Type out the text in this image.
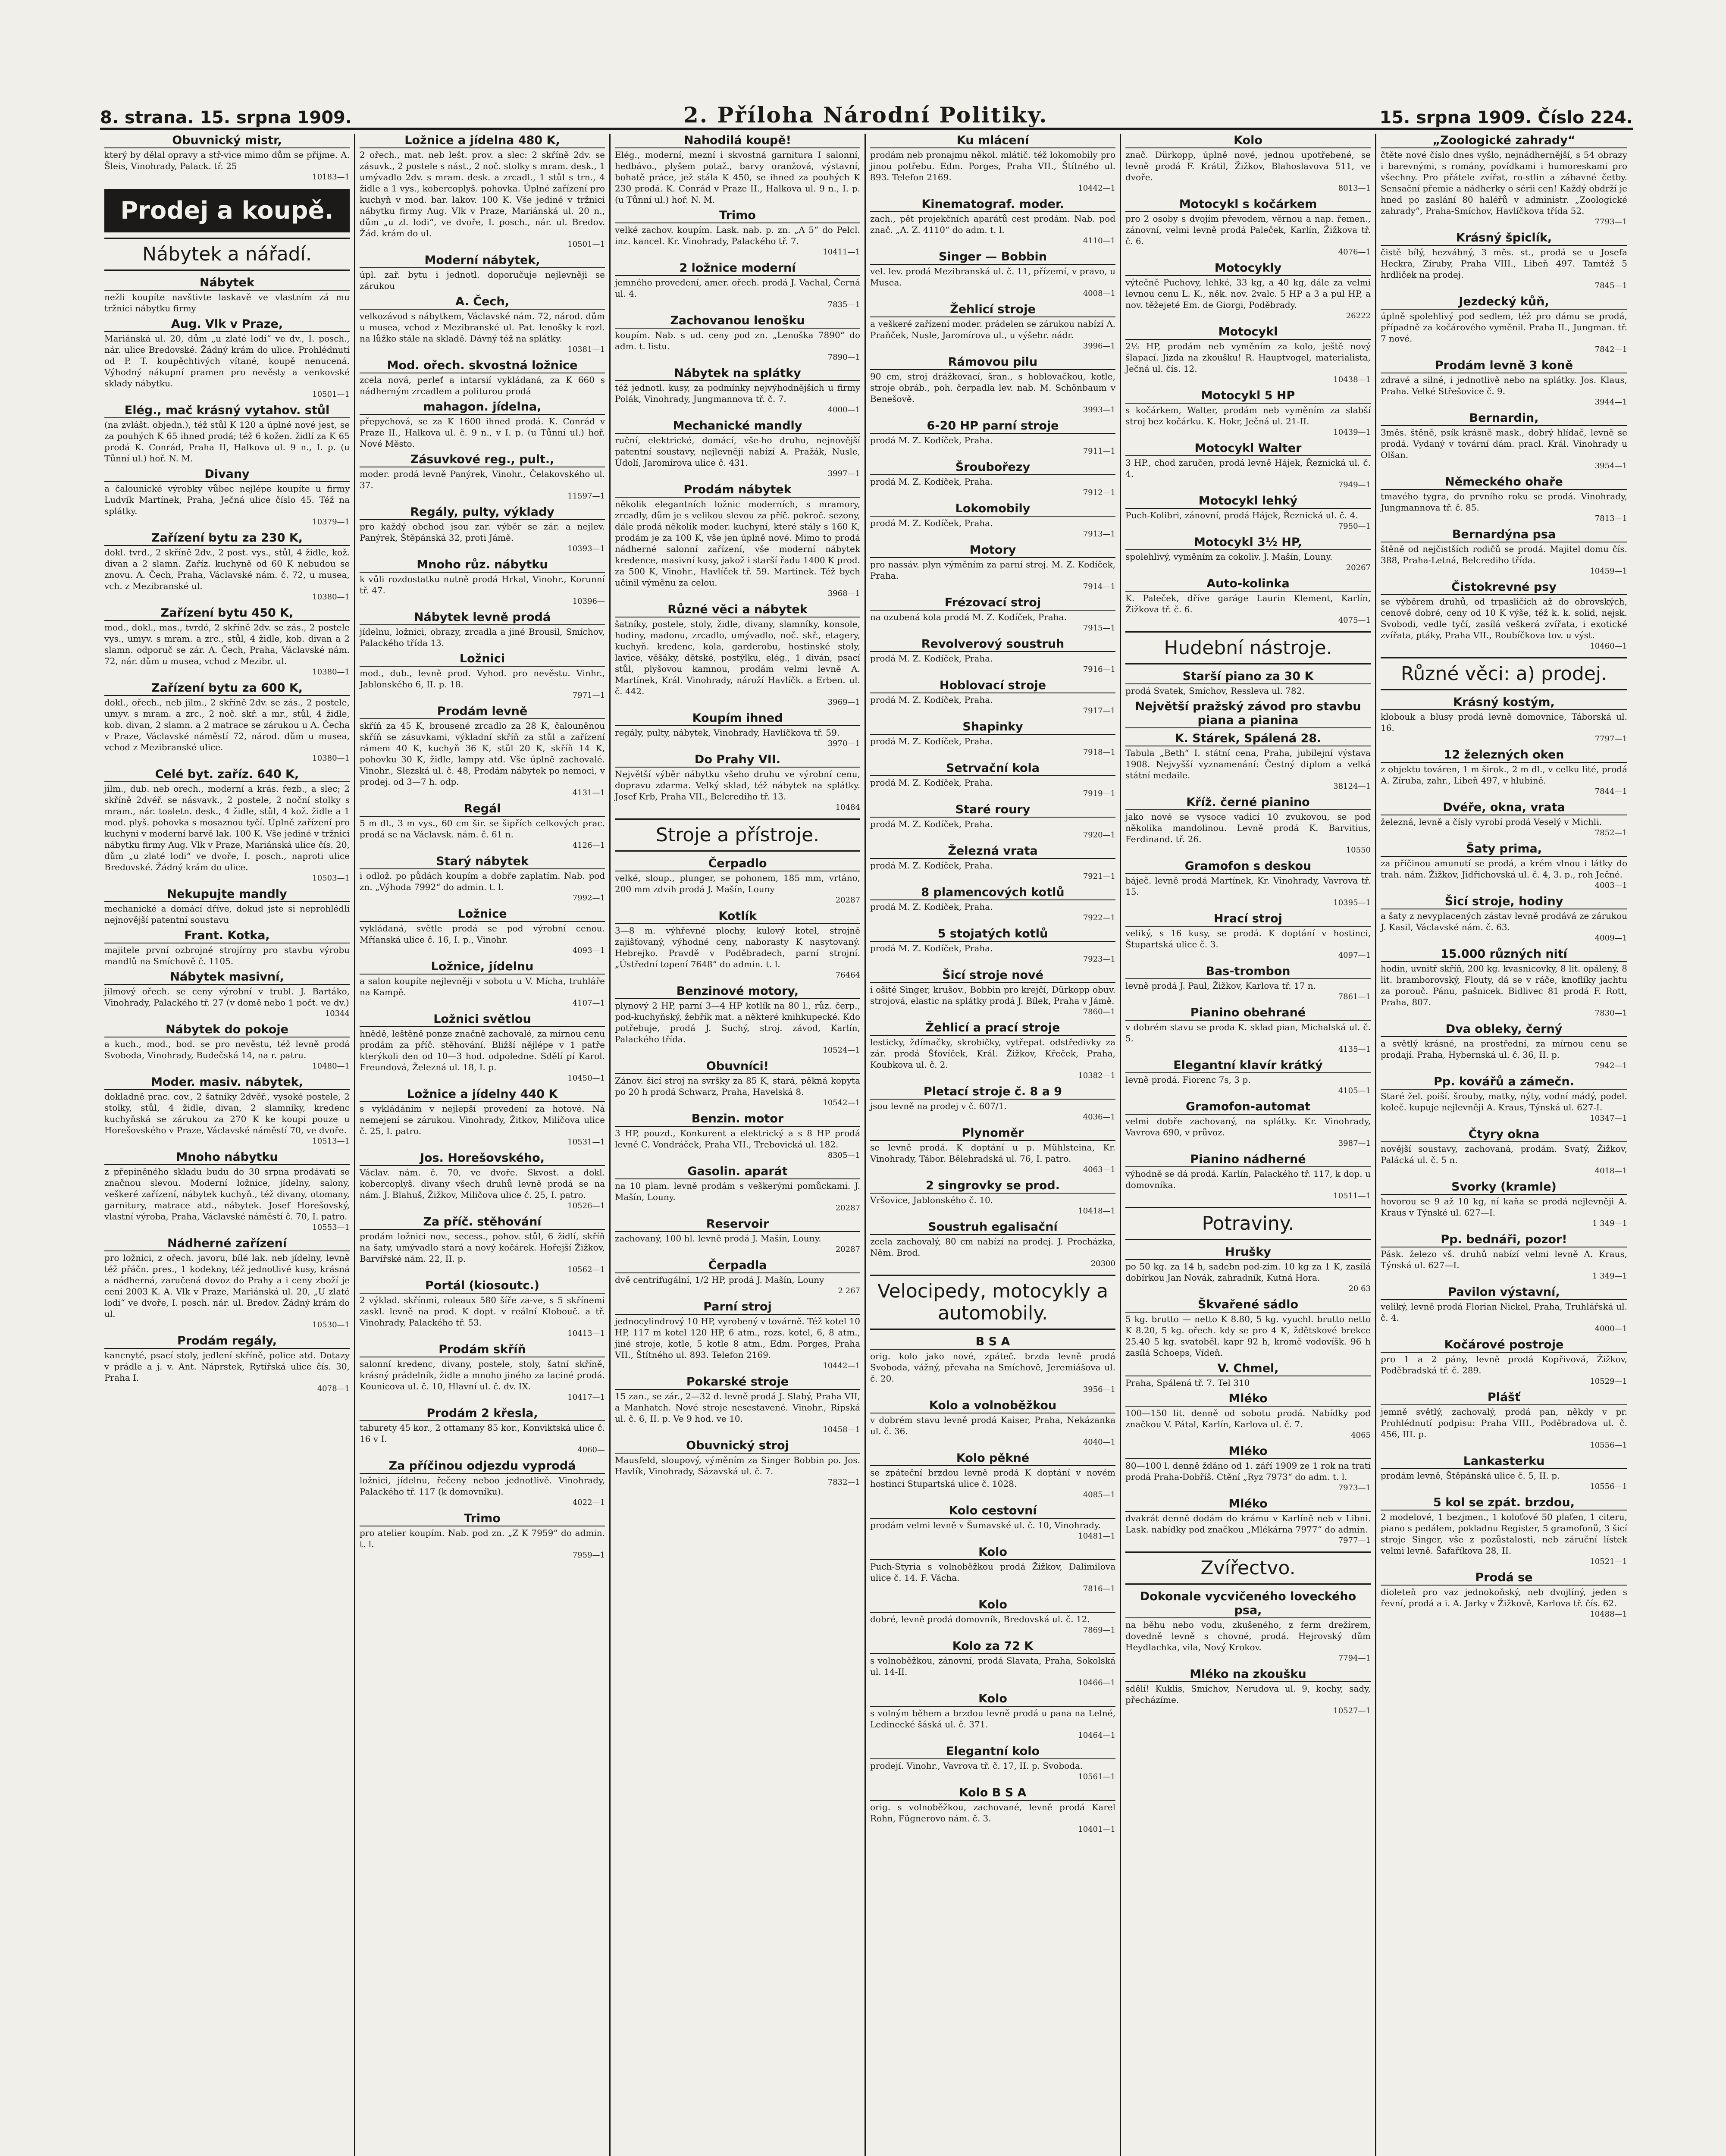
8. strana. 15. srpna 1909.	2. Příloha Národní Politiky.	15. srpna 1909. Číslo 224.
Obuvnický mistr,
který by dělal opravy a stř-vice mimo dům se přijme. A. Šleis, Vinohrady, Palack. tř. 25
10183—1
Prodej a koupě.
Nábytek a nářadí.
Nábytek
nežli koupíte navštivte laskavě ve vlastním zá mu tržnici nábytku firmy
Aug. Vlk v Praze,
Mariánská ul. 20, dům „u zlaté lodi“ ve dv., I. posch., nár. ulice Bredovské. Žádný krám do ulice. Prohlédnutí od P. T. koupěchtivých vítané, koupě nenucená. Výhodný nákupní pramen pro nevěsty a venkovské sklady nábytku.
10501—1
Elég., mač krásný vytahov. stůl
(na zvlášt. objedn.), též stůl K 120 a úplné nové jest, se za pouhých K 65 ihned prodá; též 6 kožen. židlí za K 65 prodá K. Conrád, Praha II, Halkova ul. 9 n., I. p. (u Tůnní ul.) hoř. N. M.
Divany
a čalounické výrobky vůbec nejlépe koupíte u firmy Ludvík Martínek, Praha, Ječná ulice číslo 45. Též na splátky.
10379—1
Zařízení bytu za 230 K,
dokl. tvrd., 2 skříně 2dv., 2 post. vys., stůl, 4 židle, kož. divan a 2 slamn. Zaříz. kuchyně od 60 K nebudou se znovu. A. Čech, Praha, Václavské nám. č. 72, u musea, vch. z Mezibranské ul.
10380—1
Zařízení bytu 450 K,
mod., dokl., mas., tvrdé, 2 skříně 2dv. se zás., 2 postele vys., umyv. s mram. a zrc., stůl, 4 židle, kob. divan a 2 slamn. odporuč se zár. A. Čech, Praha, Václavské nám. 72, nár. dům u musea, vchod z Mezibr. ul.
10380—1
Zařízení bytu za 600 K,
dokl., ořech., neb jilm., 2 skříně 2dv. se zás., 2 postele, umyv. s mram. a zrc., 2 noč. skř. a mr., stůl, 4 židle, kob. divan, 2 slamn. a 2 matrace se zárukou u A. Čecha v Praze, Václavské náměstí 72, národ. dům u musea, vchod z Mezibranské ulice.
10380—1
Celé byt. zaříz. 640 K,
jilm., dub. neb orech., moderní a krás. řezb., a slec; 2 skříně 2dvéř. se násvavk., 2 postele, 2 noční stolky s mram., nár. toaletn. desk., 4 židle, stůl, 4 kož. židle a 1 mod. plyš. pohovka s mosaznou tyčí. Úplně zařízení pro kuchyni v moderní barvě lak. 100 K. Vše jediné v tržnici nábytku firmy Aug. Vlk v Praze, Mariánská ulice čís. 20, dům „u zlaté lodi“ ve dvoře, I. posch., naproti ulice Bredovské. Žádný krám do ulice.
10503—1
Nekupujte mandly
mechanické a domácí dříve, dokud jste si neprohlédli nejnovější patentní soustavu
Frant. Kotka,
majitele první ozbrojné strojírny pro stavbu výrobu mandlů na Smíchově č. 1105.
Nábytek masivní,
jilmový ořech. se ceny výrobní v trubl. J. Bartáko, Vinohrady, Palackého tř. 27 (v domě nebo 1 počt. ve dv.)
10344
Nábytek do pokoje
a kuch., mod., bod. se pro nevěstu, též levně prodá Svoboda, Vinohrady, Budečská 14, na r. patru.
10480—1
Moder. masiv. nábytek,
dokladně prac. cov., 2 šatníky 2dvěř., vysoké postele, 2 stolky, stůl, 4 židle, divan, 2 slamníky, kredenc kuchyňská se zárukou za 270 K ke koupi pouze u Horešovského v Praze, Václavské náměstí 70, ve dvoře.
10513—1
Mnoho nábytku
z přepiněného skladu budu do 30 srpna prodávati se značnou slevou. Moderní ložnice, jídelny, salony, veškeré zařízení, nábytek kuchyň., též divany, otomany, garnitury, matrace atd., nábytek. Josef Horešovský, vlastní výroba, Praha, Václavské náměstí č. 70, I. patro.
10553—1
Nádherné zařízení
pro ložnici, z ořech. javoru, bílé lak. neb jídelny, levně též přáčn. pres., 1 kodekny, též jednotlivé kusy, krásná a nádherná, zaručená dovoz do Prahy a i ceny zboží je ceni 2003 K. A. Vlk v Praze, Mariánská ul. 20, „U zlaté lodi“ ve dvoře, I. posch. nár. ul. Bredov. Žádný krám do ul.
10530—1
Prodám regály,
kancnyté, psací stoly, jedlení skříně, police atd. Dotazy v prádle a j. v. Ant. Náprstek, Rytířská ulice čís. 30, Praha I.
4078—1
Ložnice a jídelna 480 K,
2 ořech., mat. neb lešt. prov. a slec: 2 skříně 2dv. se zásuvk., 2 postele s nást., 2 noč. stolky s mram. desk., 1 umývadlo 2dv. s mram. desk. a zrcadl., 1 stůl s trn., 4 židle a 1 vys., kobercoplyš. pohovka. Úplné zařízení pro kuchyň v mod. bar. lakov. 100 K. Vše jediné v tržnici nábytku firmy Aug. Vlk v Praze, Mariánská ul. 20 n., dům „u zl. lodi“, ve dvoře, I. posch., nár. ul. Bredov. Žád. krám do ul.
10501—1
Moderní nábytek,
úpl. zař. bytu i jednotl. doporučuje nejlevněji se zárukou
A. Čech,
velkozávod s nábytkem, Václavské nám. 72, národ. dům u musea, vchod z Mezibranské ul. Pat. lenošky k rozl. na lůžko stále na skladě. Dávný též na splátky.
10381—1
Mod. ořech. skvostná ložnice
zcela nová, perleť a intarsií vykládaná, za K 660 s nádherným zrcadlem a politurou prodá
mahagon. jídelna,
přepychová, se za K 1600 ihned prodá. K. Conrád v Praze II., Halkova ul. č. 9 n., v I. p. (u Tůnní ul.) hoř. Nové Město.
Zásuvkové reg., pult.,
moder. prodá levně Panýrek, Vinohr., Čelakovského ul. 37.
11597—1
Regály, pulty, výklady
pro každý obchod jsou zar. výběr se zár. a nejlev. Panýrek, Štěpánská 32, proti Jámě.
10393—1
Mnoho růz. nábytku
k vůli rozdostatku nutně prodá Hrkal, Vinohr., Korunní tř. 47.
10396—
Nábytek levně prodá
jídelnu, ložnici, obrazy, zrcadla a jiné Brousil, Smíchov, Palackého třída 13.
Ložnici
mod., dub., levně prod. Vyhod. pro nevěstu. Vinhr., Jablonského 6, II. p. 18.
7971—1
Prodám levně
skříň za 45 K, brousené zrcadlo za 28 K, čalouněnou skříň se zásuvkami, výkladní skříň za stůl a zařízení rámem 40 K, kuchyň 36 K, stůl 20 K, skříň 14 K, pohovku 30 K, židle, lampy atd. Vše úplně zachovalé. Vinohr., Slezská ul. č. 48, Prodám nábytek po nemoci, v prodej. od 3—7 h. odp.
4131—1
Regál
5 m dl., 3 m vys., 60 cm šir. se šipřích celkových prac. prodá se na Václavsk. nám. č. 61 n.
4126—1
Starý nábytek
i odlož. po půdách koupím a dobře zaplatím. Nab. pod zn. „Výhoda 7992“ do admin. t. l.
7992—1
Ložnice
vykládaná, světle prodá se pod výrobní cenou. Mříanská ulice č. 16, I. p., Vinohr.
4093—1
Ložnice, jídelnu
a salon koupíte nejlevněji v sobotu u V. Mícha, truhláře na Kampě.
4107—1
Ložnici světlou
hnědě, leštěně ponze značně zachovalé, za mírnou cenu prodám za příč. stěhování. Bližší nějlépe v 1 patře kterýkoli den od 10—3 hod. odpoledne. Sdělí pí Karol. Freundová, Železná ul. 18, I. p.
10450—1
Ložnice a jídelny 440 K
s vykládáním v nejlepší provedení za hotové. Ná nemejení se zárukou. Vinohrady, Žitkov, Miličova ulice č. 25, I. patro.
10531—1
Jos. Horešovského,
Václav. nám. č. 70, ve dvoře. Skvost. a dokl. kobercoplyš. divany všech druhů levně prodá se na nám. J. Blahuš, Žižkov, Miličova ulice č. 25, I. patro.
10526—1
Za příč. stěhování
prodám ložnici nov., secess., pohov. stůl, 6 židlí, skříň na šaty, umývadlo stará a nový kočárek. Hořejší Žižkov, Barvířské nám. 22, II. p.
10562—1
Portál (kiosoutc.)
2 výklad. skřínmi, roleaux 580 šíře za-ve, s 5 skřínemi zaskl. levně na prod. K dopt. v reální Klobouč. a tř. Vinohrady, Palackého tř. 53.
10413—1
Prodám skříň
salonní kredenc, divany, postele, stoly, šatní skříně, krásný prádelník, židle a mnoho jiného za laciné prodá. Kounicova ul. č. 10, Hlavní ul. č. dv. IX.
10417—1
Prodám 2 křesla,
taburety 45 kor., 2 ottamany 85 kor., Konviktská ulice č. 16 v I.
4060—
Za příčinou odjezdu vyprodá
ložnici, jídelnu, řečeny neboo jednotlivě. Vinohrady, Palackého tř. 117 (k domovníku).
4022—1
Trimo
pro atelier koupím. Nab. pod zn. „Z K 7959“ do admin. t. l.
7959—1
Nahodilá koupě!
Elég., moderní, mezní i skvostná garnitura I salonní, hedbávo., plyšem potaž., barvy oranžová, výstavní, bohatě práce, jež stála K 450, se ihned za pouhých K 230 prodá. K. Conrád v Praze II., Halkova ul. 9 n., I. p. (u Tůnní ul.) hoř. N. M.
Trimo
velké zachov. koupím. Lask. nab. p. zn. „A 5“ do Pelcl. inz. kancel. Kr. Vinohrady, Palackého tř. 7.
10411—1
2 ložnice moderní
jemného provedení, amer. ořech. prodá J. Vachal, Černá ul. 4.
7835—1
Zachovanou lenošku
koupím. Nab. s ud. ceny pod zn. „Lenoška 7890“ do adm. t. listu.
7890—1
Nábytek na splátky
též jednotl. kusy, za podmínky nejvýhodnějších u firmy Polák, Vinohrady, Jungmannova tř. č. 7.
4000—1
Mechanické mandly
ruční, elektrické, domácí, vše-ho druhu, nejnovější patentní soustavy, nejlevněji nabízí A. Pražák, Nusle, Údolí, Jaromírova ulice č. 431.
3997—1
Prodám nábytek
několik elegantních ložnic moderních, s mramory, zrcadly, dům je s velikou slevou za příč. pokroč. sezony, dále prodá několik moder. kuchyní, které stály s 160 K, prodám je za 100 K, vše jen úplně nové. Mimo to prodá nádherné salonní zařízení, vše moderní nábytek kredence, masivní kusy, jakož i starší řadu 1400 K prod. za 500 K, Vinohr., Havlíček tř. 59. Martinek. Též bych učinil výměnu za celou.
3968—1
Různé věci a nábytek
šatníky, postele, stoly, židle, divany, slamníky, konsole, hodiny, madonu, zrcadlo, umývadlo, noč. skř., etagery, kuchyň. kredenc, kola, garderobu, hostinské stoly, lavice, věšáky, dětské, postýlku, elég., 1 diván, psací stůl, plyšovou kamnou, prodám velmi levně A. Martínek, Král. Vinohrady, nároží Havlíčk. a Erben. ul. č. 442.
3969—1
Koupím ihned
regály, pulty, nábytek, Vinohrady, Havlíčkova tř. 59.
3970—1
Do Prahy VII.
Největší výběr nábytku všeho druhu ve výrobní cenu, dopravu zdarma. Velký sklad, též nábytek na splátky. Josef Krb, Praha VII., Belcrediho tř. 13.
10484
Stroje a přístroje.
Čerpadlo
velké, sloup., plunger, se pohonem, 185 mm, vrtáno, 200 mm zdvih prodá J. Mašín, Louny
20287
Kotlík
3—8 m. výhřevné plochy, kulový kotel, strojně zajišťovaný, výhodné ceny, naborasty K nasytovaný. Hebrejko. Pravdě v Poděbradech, parní strojní. „Ústřední topení 7648“ do admin. t. l.
76464
Benzinové motory,
plynový 2 HP, parní 3—4 HP kotlík na 80 l., růz. čerp., pod-kuchyňský, žebřík mat. a některé knihkupecké. Kdo potřebuje, prodá J. Suchý, stroj. závod, Karlín, Palackého třída.
10524—1
Obuvníci!
Zánov. šicí stroj na svršky za 85 K, stará, pěkná kopyta po 20 h prodá Schwarz, Praha, Havelská 8.
10542—1
Benzin. motor
3 HP, pouzd., Konkurent a elektrický a s 8 HP prodá levně C. Vondráček, Praha VII., Trebovická ul. 182.
8305—1
Gasolin. aparát
na 10 plam. levně prodám s veškerými pomůckami. J. Mašín, Louny.
20287
Reservoir
zachovaný, 100 hl. levně prodá J. Mašín, Louny.
20287
Čerpadla
dvě centrifugální, 1/2 HP, prodá J. Mašín, Louny
2 267
Parní stroj
jednocylindrový 10 HP, vyrobený v továrně. Též kotel 10 HP, 117 m kotel 120 HP, 6 atm., rozs. kotel, 6, 8 atm., jiné stroje, kotle, 5 kotle 8 atm., Edm. Porges, Praha VII., Štítného ul. 893. Telefon 2169.
10442—1
Pokarské stroje
15 zan., se zár., 2—32 d. levně prodá J. Slabý, Praha VII, a Manhatch. Nové stroje nesestavené. Vinohr., Ripská ul. č. 6, II. p. Ve 9 hod. ve 10.
10458—1
Obuvnický stroj
Mausfeld, sloupový, výměním za Singer Bobbin po. Jos. Havlík, Vinohrady, Sázavská ul. č. 7.
7832—1
Ku mlácení
prodám neb pronajmu někol. mlátič. též lokomobily pro jinou potřebu. Edm. Porges, Praha VII., Štítného ul. 893. Telefon 2169.
10442—1
Kinematograf. moder.
zach., pět projekčních aparátů cest prodám. Nab. pod znač. „A. Z. 4110“ do adm. t. l.
4110—1
Singer — Bobbin
vel. lev. prodá Mezibranská ul. č. 11, přízemí, v pravo, u Musea.
4008—1
Žehlicí stroje
a veškeré zařízení moder. prádelen se zárukou nabízí A. Praňček, Nusle, Jaromírova ul., u výšehr. nádr.
3996—1
Rámovou pilu
90 cm, stroj drážkovací, šran., s hoblovačkou, kotle, stroje obráb., poh. čerpadla lev. nab. M. Schönbaum v Benešově.
3993—1
6-20 HP parní stroje
prodá M. Z. Kodíček, Praha.
7911—1
Šroubořezy
prodá M. Z. Kodíček, Praha.
7912—1
Lokomobily
prodá M. Z. Kodíček, Praha.
7913—1
Motory
pro nassáv. plyn výměním za parní stroj. M. Z. Kodíček, Praha.
7914—1
Frézovací stroj
na ozubená kola prodá M. Z. Kodíček, Praha.
7915—1
Revolverový soustruh
prodá M. Z. Kodíček, Praha.
7916—1
Hoblovací stroje
prodá M. Z. Kodíček, Praha.
7917—1
Shapinky
prodá M. Z. Kodíček, Praha.
7918—1
Setrvační kola
prodá M. Z. Kodíček, Praha.
7919—1
Staré roury
prodá M. Z. Kodíček, Praha.
7920—1
Železná vrata
prodá M. Z. Kodíček, Praha.
7921—1
8 plamencových kotlů
prodá M. Z. Kodíček, Praha.
7922—1
5 stojatých kotlů
prodá M. Z. Kodíček, Praha.
7923—1
Šicí stroje nové
i ošité Singer, krušov., Bobbin pro krejčí, Dürkopp obuv. strojová, elastic na splátky prodá J. Bílek, Praha v Jámě.
7860—1
Žehlicí a prací stroje
lesticky, ždímačky, skrobičky, vytřepat. odstředivky za zár. prodá Šťovíček, Král. Žižkov, Křeček, Praha, Koubkova ul. č. 2.
10382—1
Pletací stroje č. 8 a 9
jsou levně na prodej v č. 607/1.
4036—1
Plynoměr
se levně prodá. K doptání u p. Mühlsteina, Kr. Vinohrady, Tábor. Bělehradská ul. 76, I. patro.
4063—1
2 singrovky se prod.
Vršovice, Jablonského č. 10.
10418—1
Soustruh egalisační
zcela zachovalý, 80 cm nabízí na prodej. J. Procházka, Něm. Brod.
20300
Velocipedy, motocykly a automobily.
B S A
orig. kolo jako nové, zpáteč. brzda levně prodá Svoboda, vážný, převaha na Smíchově, Jeremiášova ul. č. 20.
3956—1
Kolo a volnoběžkou
v dobrém stavu levně prodá Kaiser, Praha, Nekázanka ul. č. 36.
4040—1
Kolo pěkné
se zpáteční brzdou levně prodá K doptání v novém hostinci Stupartská ulice č. 1028.
4085—1
Kolo cestovní
prodám velmi levně v Šumavské ul. č. 10, Vinohrady.
10481—1
Kolo
Puch-Styria s volnoběžkou prodá Žižkov, Dalimilova ulice č. 14. F. Vácha.
7816—1
Kolo
dobré, levně prodá domovník, Bredovská ul. č. 12.
7869—1
Kolo za 72 K
s volnoběžkou, zánovní, prodá Slavata, Praha, Sokolská ul. 14-II.
10466—1
Kolo
s volným během a brzdou levně prodá u pana na Lelné, Ledinecké šáská ul. č. 371.
10464—1
Elegantní kolo
prodejí. Vinohr., Vavrova tř. č. 17, II. p. Svoboda.
10561—1
Kolo B S A
orig. s volnoběžkou, zachované, levně prodá Karel Rohn, Fügnerovo nám. č. 3.
10401—1
Kolo
znač. Dürkopp, úplně nové, jednou upotřebené, se levně prodá F. Krátil, Žižkov, Blahoslavova 511, ve dvoře.
8013—1
Motocykl s kočárkem
pro 2 osoby s dvojím převodem, věrnou a nap. řemen., zánovní, velmi levně prodá Paleček, Karlín, Žižkova tř. č. 6.
4076—1
Motocykly
výtečně Puchovy, lehké, 33 kg, a 40 kg, dále za velmi levnou cenu L. K., něk. nov. 2valc. 5 HP a 3 a pul HP, a nov. těžejeté Em. de Giorgi, Poděbrady.
26222
Motocykl
2½ HP, prodám neb vyměním za kolo, ještě nový šlapací. Jizda na zkoušku! R. Hauptvogel, materialista, Ječná ul. čís. 12.
10438—1
Motocykl 5 HP
s kočárkem, Walter, prodám neb vyměním za slabší stroj bez kočárku. K. Hokr, Ječná ul. 21-II.
10439—1
Motocykl Walter
3 HP., chod zaručen, prodá levně Hájek, Řeznická ul. č. 4.
7949—1
Motocykl lehký
Puch-Kolibri, zánovní, prodá Hájek, Řeznická ul. č. 4.
7950—1
Motocykl 3½ HP,
spolehlivý, vyměním za cokoliv. J. Mašín, Louny.
20267
Auto-kolinka
K. Paleček, dříve garáge Laurin Klement, Karlín, Žižkova tř. č. 6.
4075—1
Hudební nástroje.
Starší piano za 30 K
prodá Svatek, Smíchov, Ressleva ul. 782.
Největší pražský závod pro stavbu piana a pianina
K. Stárek, Spálená 28.
Tabula „Beth“ I. státní cena, Praha, jubilejní výstava 1908. Nejvyšší vyznamenání: Čestný diplom a velká státní medaile.
38124—1
Kříž. černé pianino
jako nové se vysoce vadicí 10 zvukovou, se pod několika mandolinou. Levně prodá K. Barvitius, Ferdinand. tř. 26.
10550
Gramofon s deskou
báječ. levně prodá Martínek, Kr. Vinohrady, Vavrova tř. 15.
10395—1
Hrací stroj
veliký, s 16 kusy, se prodá. K doptání v hostinci, Štupartská ulice č. 3.
4097—1
Bas-trombon
levně prodá J. Paul, Žižkov, Karlova tř. 17 n.
7861—1
Pianino obehrané
v dobrém stavu se proda K. sklad pian, Michalská ul. č. 5.
4135—1
Elegantní klavír krátký
levně prodá. Fiorenc 7s, 3 p.
4105—1
Gramofon-automat
velmi dobře zachovaný, na splátky. Kr. Vinohrady, Vavrova 690, v průvoz.
3987—1
Pianino nádherné
výhodně se dá prodá. Karlín, Palackého tř. 117, k dop. u domovníka.
10511—1
Potraviny.
Hrušky
po 50 kg. za 14 h, sadebn pod-zim. 10 kg za 1 K, zasílá dobírkou Jan Novák, zahradník, Kutná Hora.
20 63
Škvařené sádlo
5 kg. brutto — netto K 8.80, 5 kg. vyuchl. brutto netto K 8.20, 5 kg. ořech. kdy se pro 4 K, ždětskové brekce 25.40 5 kg. svatoběl. kapr 92 h, kromě vodovíšk. 96 h zasílá Schoeps, Vídeň.
V. Chmel,
Praha, Spálená tř. 7. Tel 310
Mléko
100—150 lit. denně od sobotu prodá. Nabídky pod značkou V. Pátal, Karlín, Karlova ul. č. 7.
4065
Mléko
80—100 l. denně ždáno od 1. září 1909 ze 1 rok na tratí prodá Praha-Dobříš. Ctění „Ryz 7973“ do adm. t. l.
7973—1
Mléko
dvakrát denně dodám do krámu v Karlíně neb v Libni. Lask. nabídky pod značkou „Mlékárna 7977“ do admin.
7977—1
Zvířectvo.
Dokonale vycvičeného loveckého psa,
na běhu nebo vodu, zkušeného, z ferm drežírem, dovedně levně s chovné, prodá. Hejrovský dům Heydlachka, vila, Nový Krokov.
7794—1
Mléko na zkoušku
sdělí! Kuklis, Smíchov, Nerudova ul. 9, kochy, sady, přecházíme.
10527—1
„Zoologické zahrady“
čtěte nové číslo dnes vyšlo, nejnádhernější, s 54 obrazy i barevnými, s romány, povídkami i humoreskami pro všechny. Pro přátele zvířat, ro-stlin a zábavné četby. Sensační přemie a nádherky o sérii cen! Každý obdrží je hned po zaslání 80 haléřů v administr. „Zoologické zahrady“, Praha-Smíchov, Havlíčkova třída 52.
7793—1
Krásný špiclík,
čistě bílý, hezvábný, 3 měs. st., prodá se u Josefa Heckra, Zíruby, Praha VIII., Libeň 497. Tamtéž 5 hrdliček na prodej.
7845—1
Jezdecký kůň,
úplně spolehlivý pod sedlem, též pro dámu se prodá, případně za kočárového vyměnil. Praha II., Jungman. tř. 7 nové.
7842—1
Prodám levně 3 koně
zdravé a silné, i jednotlivě nebo na splátky. Jos. Klaus, Praha. Velké Střešovice č. 9.
3944—1
Bernardin,
3měs. štěně, psík krásně mask., dobrý hlídač, levně se prodá. Vydaný v tovární dám. pracl. Král. Vinohrady u Olšan.
3954—1
Německého ohaře
tmavého tygra, do prvního roku se prodá. Vinohrady, Jungmannova tř. č. 85.
7813—1
Bernardýna psa
štěně od nejčistších rodičů se prodá. Majitel domu čís. 388, Praha-Letná, Belcrediho třída.
10459—1
Čistokrevné psy
se výběrem druhů, od trpasličích až do obrovských, cenově dobré, ceny od 10 K výše, též k. k. solid, nejsk. Svobodi, vedle tyčí, zasílá veškerá zvířata, i exotické zvířata, ptáky, Praha VII., Roubíčkova tov. u výst.
10460—1
Různé věci: a) prodej.
Krásný kostým,
klobouk a blusy prodá levně domovnice, Táborská ul. 16.
7797—1
12 železných oken
z objektu továren, 1 m širok., 2 m dl., v celku lité, prodá A. Zíruba, zahr., Libeň 497, v hlubině.
7844—1
Dvéře, okna, vrata
železná, levně a čísly vyrobí prodá Veselý v Michli.
7852—1
Šaty prima,
za příčinou amunutí se prodá, a krém vlnou i látky do trah. nám. Žižkov, Jidřichovská ul. č. 4, 3. p., roh Ječné.
4003—1
Šicí stroje, hodiny
a šaty z nevyplacených zástav levně prodává ze zárukou J. Kasil, Václavské nám. č. 63.
4009—1
15.000 různých nití
hodin, uvnitř skříň, 200 kg. kvasnicovky, 8 lit. opálený, 8 lit. bramborovský, Flouty, dá se v ráče, knoflíky jachtu za porouč. Pánu, pašnicek. Bidlivec 81 prodá F. Rott, Praha, 807.
7830—1
Dva obleky, černý
a světlý krásné, na prostřední, za mírnou cenu se prodají. Praha, Hybernská ul. č. 36, II. p.
7942—1
Pp. kovářů a zámečn.
Staré žel. poiší. šrouby, matky, nýty, vodní mádý, podel. koleč. kupuje nejlevněji A. Kraus, Týnská ul. 627-I.
10347—1
Čtyry okna
novější soustavy, zachovaná, prodám. Svatý, Žižkov, Palácká ul. č. 5 n.
4018—1
Svorky (kramle)
hovorou se 9 až 10 kg, ní kaňa se prodá nejlevněji A. Kraus v Týnské ul. 627—I.
1 349—1
Pp. bednáři, pozor!
Pásk. železo vš. druhů nabízí velmi levně A. Kraus, Týnská ul. 627—I.
1 349—1
Pavilon výstavní,
veliký, levně prodá Florian Nickel, Praha, Truhlářská ul. č. 4.
4000—1
Kočárové postroje
pro 1 a 2 pány, levně prodá Kopřivová, Žižkov, Poděbradská tř. č. 289.
10529—1
Plášť
jemně světlý, zachovalý, prodá pan, někdy v pr. Prohlédnutí podpisu: Praha VIII., Poděbradova ul. č. 456, III. p.
10556—1
Lankasterku
prodám levně, Štěpánská ulice č. 5, II. p.
10556—1
5 kol se zpát. brzdou,
2 modelové, 1 bezjmen., 1 koloťové 50 plaťen, 1 citeru, piano s pedálem, pokladnu Register, 5 gramofonů, 3 šicí stroje Singer, vše z pozůstalosti, neb záruční lístek velmi levně. Šafaříkova 28, II.
10521—1
Prodá se
dioleteň pro vaz jednokoňský, neb dvojlíný, jeden s řevní, prodá a i. A. Jarky v Žižkově, Karlova tř. čís. 62.
10488—1
